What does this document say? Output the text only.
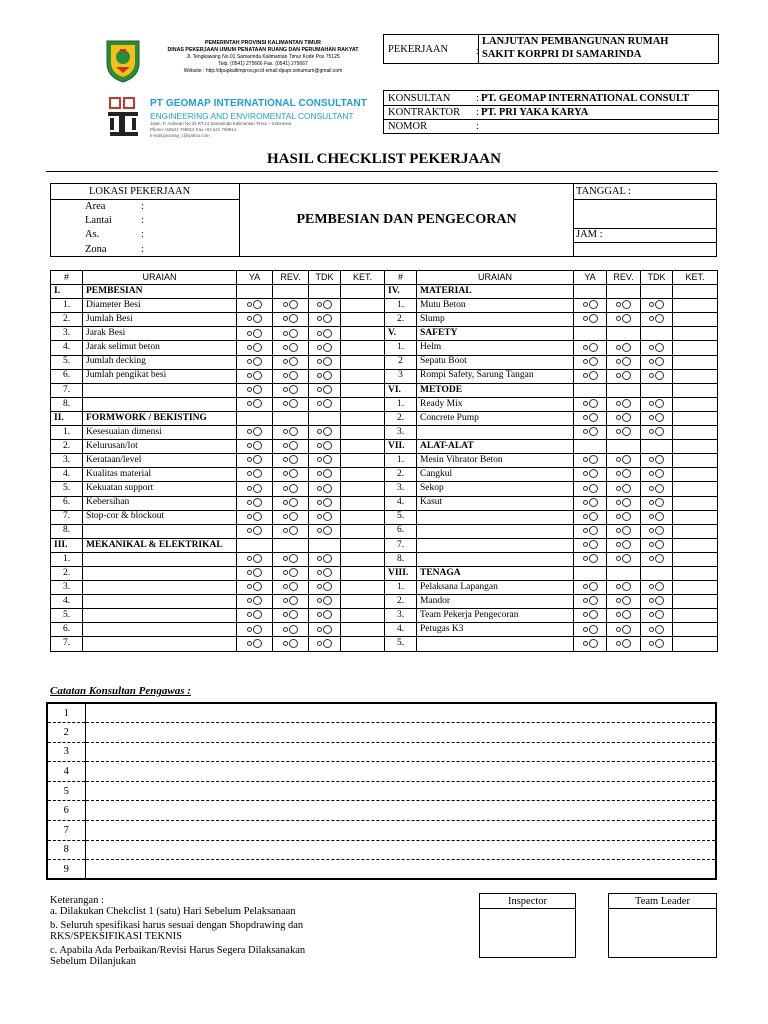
PEMERINTAH PROVINSI KALIMANTAN TIMUR
DINAS PEKERJAAN UMUM PENATAAN RUANG DAN PERUMAHAN RAKYAT
Jl. Tengkawang No.01 Samarinda Kalimantan Timur Kode Pos 75125
Telp. (0541) 275666 Fax. (0541) 275667
Website : http://dpupkaltimprov.go.id email:dpupr.sekumum@gmail.com
PT GEOMAP INTERNATIONAL CONSULTANT
ENGINEERING AND ENVIROMENTAL CONSULTANT
Jalan. P. Antasari No.34 RT.24 Samarinda Kalimantan Timur – Indonesia
Phone:+62541 768914 Fax +62 541 768914
e-mail:geomap_c@yahoo.com
PEKERJAAN	:
LANJUTAN PEMBANGUNAN RUMAH
SAKIT KORPRI DI SAMARINDA
KONSULTAN : PT. GEOMAP INTERNATIONAL CONSULT
KONTRAKTOR : PT. PRI YAKA KARYA
NOMOR	:
HASIL CHECKLIST PEKERJAAN
LOKASI PEKERJAAN
Area	:
Lantai	:
As.	:
Zona	:
PEMBESIAN DAN PENGECORAN
TANGGAL :
JAM :
#	URAIAN	YA	REV.	TDK	KET.
I.	PEMBESIAN				
1.	Diameter Besi				
2.	Jumlah Besi				
3.	Jarak Besi				
4.	Jarak selimut beton				
5.	Jumlah decking				
6.	Jumlah pengikat besi				
7.					
8.					
II.	FORMWORK / BEKISTING				
1.	Kesesuaian dimensi				
2.	Kelurusan/lot				
3.	Kerataan/level				
4.	Kualitas material				
5.	Kekuatan support				
6.	Kebersihan				
7.	Stop-cor & blockout				
8.					
III.	MEKANIKAL & ELEKTRIKAL				
1.					
2.					
3.					
4.					
5.					
6.					
7.					
#	URAIAN	YA	REV.	TDK	KET.
IV.	MATERIAL				
1.	Mutu Beton				
2.	Slump				
V.	SAFETY				
1.	Helm				
2	Sepatu Boot				
3	Rompi Safety, Sarung Tangan				
VI.	METODE				
1.	Ready Mix				
2.	Concrete Pump				
3.					
VII.	ALAT-ALAT				
1.	Mesin Vibrator Beton				
2.	Cangkul				
3.	Sekop				
4.	Kasut				
5.					
6.					
7.					
8.					
VIII.	TENAGA				
1.	Pelaksana Lapangan				
2.	Mandor				
3.	Team Pekerja Pengecoran				
4.	Petugas K3				
5.					
Catatan Konsultan Pengawas :
1	
2	
3	
4	
5	
6	
7	
8	
9	
Keterangan :
a. Dilakukan Chekclist 1 (satu) Hari Sebelum Pelaksanaan
b. Seluruh spesifikasi harus sesuai dengan Shopdrawing dan
RKS/SPEKSIFIKASI TEKNIS
c. Apabila Ada Perbaikan/Revisi Harus Segera Dilaksanakan
Sebelum Dilanjukan
Inspector	Team Leader
